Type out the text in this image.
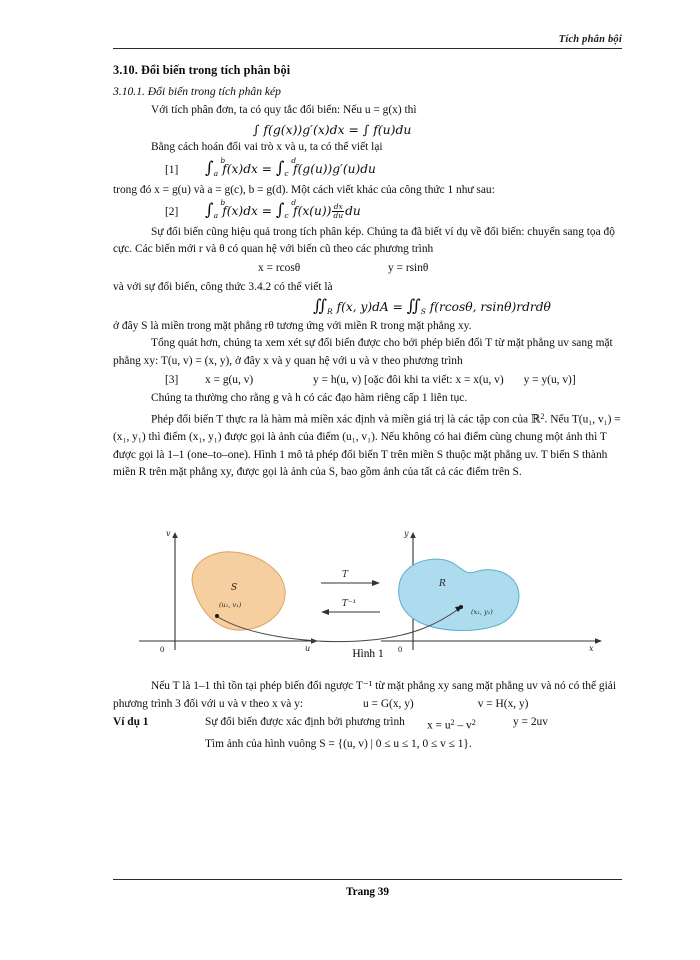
Tích phân bội
3.10. Đổi biến trong tích phân bội
3.10.1. Đổi biến trong tích phân kép

Với tích phân đơn, ta có quy tắc đổi biến: Nếu u = g(x) thì

∫ f(g(x))g′(x)dx = ∫ f(u)du

Bằng cách hoán đổi vai trò x và u, ta có thể viết lại

[1]	∫ b
a f(x)dx = ∫ d
c f(g(u))g′(u)du

trong đó x = g(u) và a = g(c), b = g(d). Một cách viết khác của công thức 1 như sau:

[2]	∫ b
a f(x)dx = ∫ d
c $f(x(u)) \frac{dx}{du}$ du

Sự đổi biến cũng hiệu quả trong tích phân kép. Chúng ta đã biết ví dụ về đổi biến: chuyển sang tọa độ cực. Các biến mới r và θ có quan hệ với biến cũ theo các phương trình

x = rcosθ	y = rsinθ

và với sự đổi biến, công thức 3.4.2 có thể viết là

∬ R f(x, y)dA = ∬ S f(rcosθ, rsinθ)rdrdθ

ở đây S là miền trong mặt phẳng rθ tương ứng với miền R trong mặt phẳng xy.

Tổng quát hơn, chúng ta xem xét sự đổi biến được cho bởi phép biến đổi T từ mặt phẳng uv sang mặt phẳng xy: T(u, v) = (x, y), ở đây x và y quan hệ với u và v theo phương trình

[3]	x = g(u, v)	y = h(u, v) [oặc đôi khi ta viết: x = x(u, v)	y = y(u, v)]

Chúng ta thường cho rằng g và h có các đạo hàm riêng cấp 1 liên tục.

Phép đổi biến T thực ra là hàm mà miền xác định và miền giá trị là các tập con của ℝ$^2$. Nếu T(u₁, v₁) = (x₁, y₁) thì điểm (x₁, y₁) được gọi là ảnh của điểm (u₁, v₁). Nếu không có hai điểm cùng chung một ảnh thì T được gọi là 1–1 (one–to–one). Hình 1 mô tả phép đổi biến T trên miền S thuộc mặt phẳng uv. T biến S thành miền R trên mặt phẳng xy, được gọi là ảnh của S, bao gồm ảnh của tất cả các điểm trên S.

v
u
0
S
(u₁, v₁)
T
T⁻¹
y
x
0
R
(x₁, y₁)
Hình 1

Nếu T là 1–1 thì tồn tại phép biến đổi ngược T⁻¹ từ mặt phẳng xy sang mặt phẳng uv và nó có thể giải phương trình 3 đối với u và v theo x và y:	u = G(x, y)	v = H(x, y)

Ví dụ 1	Sự đổi biến được xác định bởi phương trình	$x = u^2 - v^2$	y = 2uv
Tìm ảnh của hình vuông S = {(u, v) | 0 ≤ u ≤ 1, 0 ≤ v ≤ 1}.
Trang 39
